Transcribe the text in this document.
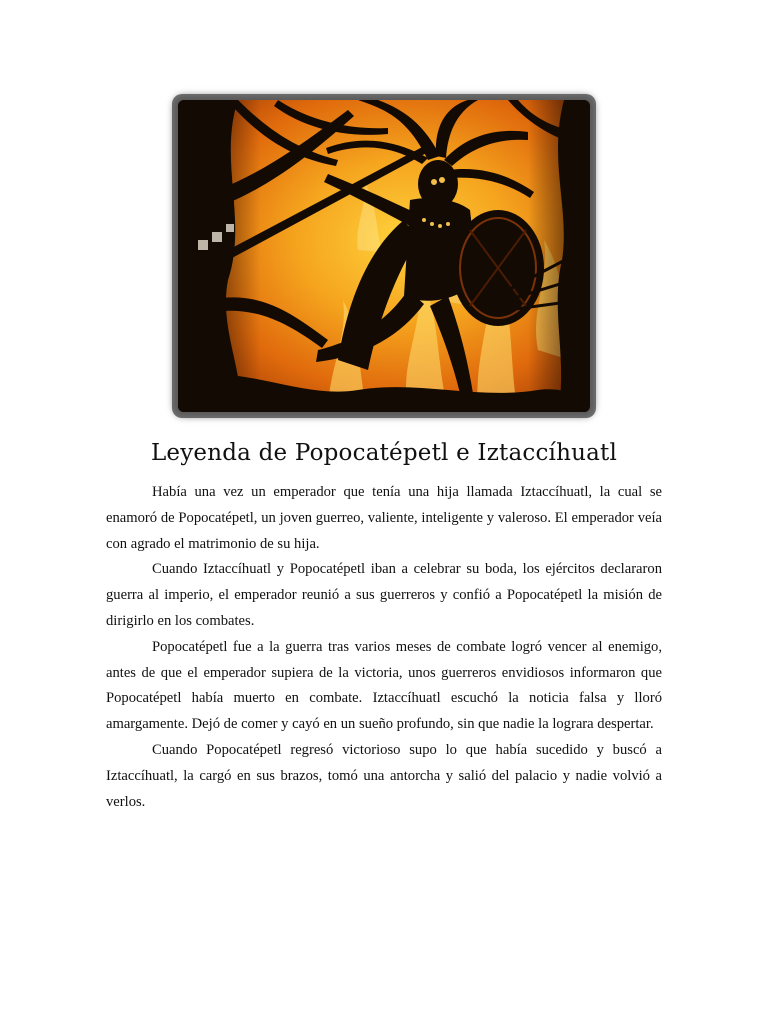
Leyenda de Popocatépetl e Iztaccíhuatl

Había una vez un emperador que tenía una hija llamada Iztaccíhuatl, la cual se enamoró de Popocatépetl, un joven guerreo, valiente, inteligente y valeroso. El emperador veía con agrado el matrimonio de su hija.

Cuando Iztaccíhuatl y Popocatépetl iban a celebrar su boda, los ejércitos declararon guerra al imperio, el emperador reunió a sus guerreros y confió a Popocatépetl la misión de dirigirlo en los combates.

Popocatépetl fue a la guerra tras varios meses de combate logró vencer al enemigo, antes de que el emperador supiera de la victoria, unos guerreros envidiosos informaron que Popocatépetl había muerto en combate. Iztaccíhuatl escuchó la noticia falsa y lloró amargamente. Dejó de comer y cayó en un sueño profundo, sin que nadie la lograra despertar.

Cuando Popocatépetl regresó victorioso supo lo que había sucedido y buscó a Iztaccíhuatl, la cargó en sus brazos, tomó una antorcha y salió del palacio y nadie volvió a verlos.
